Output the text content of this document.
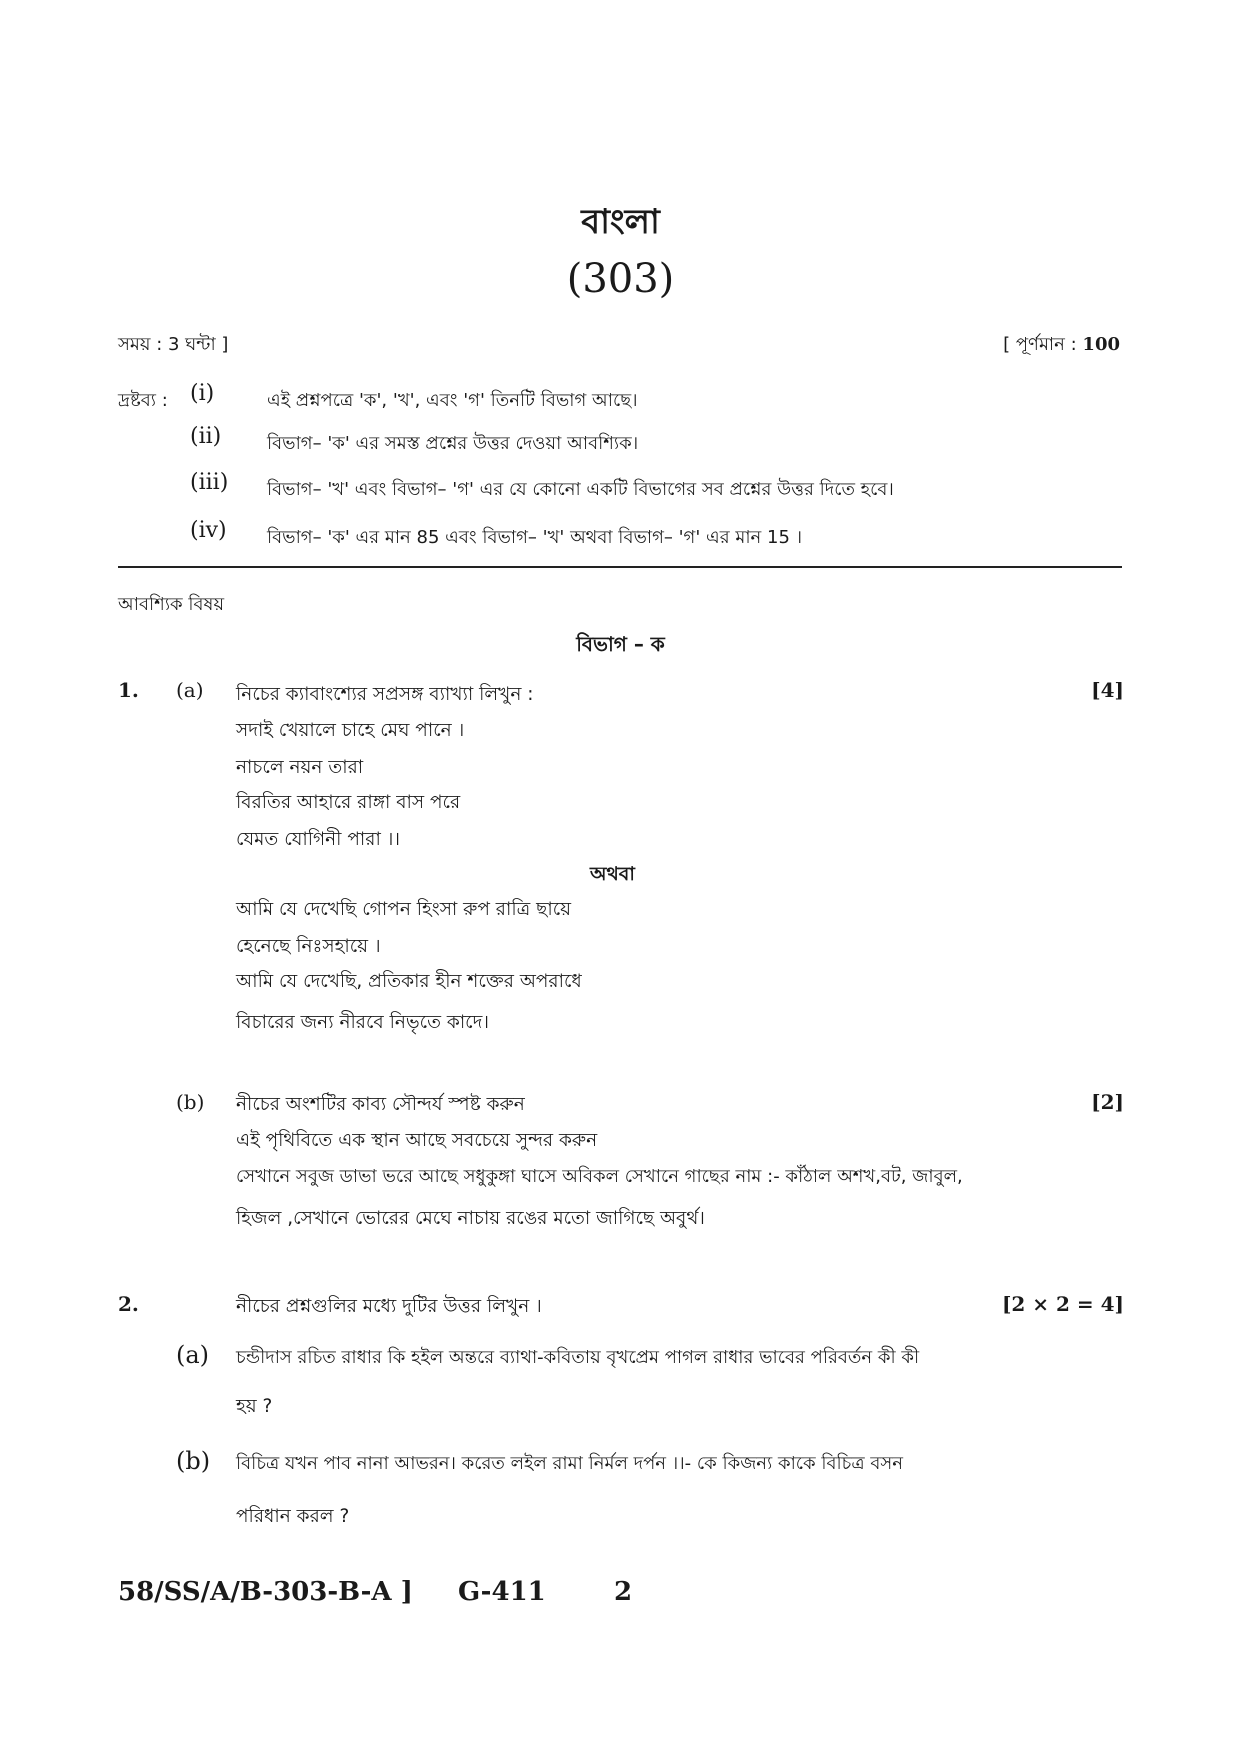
বাংলা
(303)
সময় : 3 ঘন্টা ]	[ পূর্ণমান : 100
দ্রষ্টব্য : (i)	এই প্রশ্নপত্রে 'ক', 'খ', এবং 'গ' তিনটি বিভাগ আছে।
(ii)	বিভাগ– 'ক' এর সমস্ত প্রশ্নের উত্তর দেওয়া আবশ্যিক।
(iii)	বিভাগ– 'খ' এবং বিভাগ– 'গ' এর যে কোনো একটি বিভাগের সব প্রশ্নের উত্তর দিতে হবে।
(iv)	বিভাগ– 'ক' এর মান 85 এবং বিভাগ– 'খ' অথবা বিভাগ– 'গ' এর মান 15 ।
আবশ্যিক বিষয়
বিভাগ – ক
1. (a) নিচের ক্যাবাংশ্যের সপ্রসঙ্গ ব্যাখ্যা লিখুন :	[4]
সদাই খেয়ালে চাহে মেঘ পানে ।
নাচলে নয়ন তারা
বিরতির আহারে রাঙ্গা বাস পরে
যেমত যোগিনী পারা ।।
অথবা
আমি যে দেখেছি গোপন হিংসা রুপ রাত্রি ছায়ে
হেনেছে নিঃসহায়ে ।
আমি যে দেখেছি, প্রতিকার হীন শক্তের অপরাধে
বিচারের জন্য নীরবে নিভৃতে কাদে।
(b) নীচের অংশটির কাব্য সৌন্দর্য স্পষ্ট করুন	[2]
এই পৃথিবিতে এক স্থান আছে সবচেয়ে সুন্দর করুন
সেখানে সবুজ ডাভা ভরে আছে সধুকুঙ্গা ঘাসে অবিকল সেখানে গাছের নাম :- কাঁঠাল অশখ,বট, জাবুল,
হিজল ,সেখানে ভোরের মেঘে নাচায় রঙের মতো জাগিছে অবুর্থ।
2.	নীচের প্রশ্নগুলির মধ্যে দুটির উত্তর লিখুন ।	[2 × 2 = 4]
(a) চন্ডীদাস রচিত রাধার কি হইল অন্তরে ব্যাথা-কবিতায় বৃখপ্রেম পাগল রাধার ভাবের পরিবর্তন কী কী
হয় ?
(b) বিচিত্র যখন পাব নানা আভরন। করেত লইল রামা নির্মল দর্পন ।।- কে কিজন্য কাকে বিচিত্র বসন
পরিধান করল ?
58/SS/A/B-303-B-A ] G-411	2
